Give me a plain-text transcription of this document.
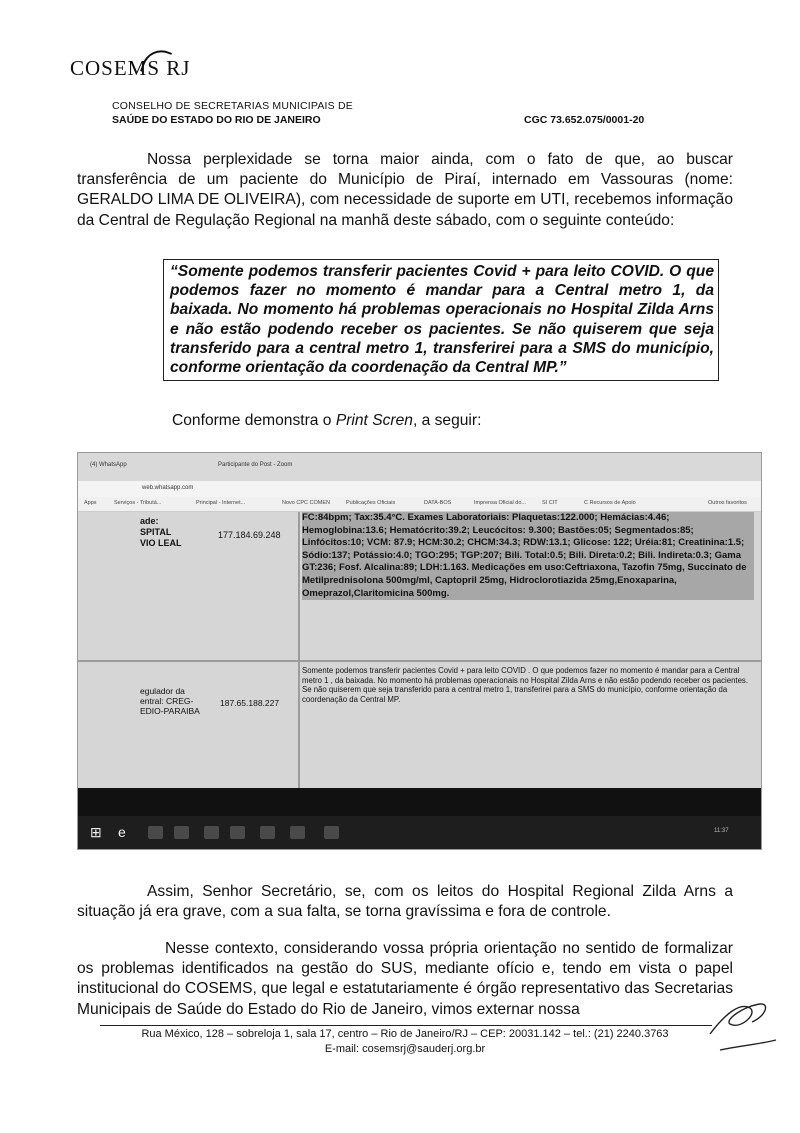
COSEMS RJ
CONSELHO DE SECRETARIAS MUNICIPAIS DE
SAÚDE DO ESTADO DO RIO DE JANEIRO	CGC 73.652.075/0001-20
Nossa perplexidade se torna maior ainda, com o fato de que, ao buscar transferência de um paciente do Município de Piraí, internado em Vassouras (nome: GERALDO LIMA DE OLIVEIRA), com necessidade de suporte em UTI, recebemos informação da Central de Regulação Regional na manhã deste sábado, com o seguinte conteúdo:
“Somente podemos transferir pacientes Covid + para leito COVID. O que podemos fazer no momento é mandar para a Central metro 1, da baixada. No momento há problemas operacionais no Hospital Zilda Arns e não estão podendo receber os pacientes. Se não quiserem que seja transferido para a central metro 1, transferirei para a SMS do município, conforme orientação da coordenação da Central MP.”
Conforme demonstra o Print Scren, a seguir:
(4) WhatsApp	Participante do Post - Zoom
web.whatsapp.com
Apps	Serviços - Tributá...	Principal - Internet...	Novo CPC COMEN	Publicações Oficiais	DATA-BOS	Imprensa Oficial do...	SI CIT	C Recursos de Apoio	Outros favoritos
ade:
SPITAL
VIO LEAL
177.184.69.248
FC:84bpm; Tax:35.4°C. Exames Laboratoriais: Plaquetas:122.000; Hemácias:4.46; Hemoglobina:13.6; Hematócrito:39.2; Leucócitos: 9.300; Bastões:05; Segmentados:85; Linfócitos:10; VCM: 87.9; HCM:30.2; CHCM:34.3; RDW:13.1; Glicose: 122; Uréia:81; Creatinina:1.5; Sódio:137; Potássio:4.0; TGO:295; TGP:207; Bili. Total:0.5; Bili. Direta:0.2; Bili. Indireta:0.3; Gama GT:236; Fosf. Alcalina:89; LDH:1.163. Medicações em uso:Ceftriaxona, Tazofin 75mg, Succinato de Metilprednisolona 500mg/ml, Captopril 25mg, Hidroclorotiazida 25mg,Enoxaparina, Omeprazol,Claritomicina 500mg.
egulador da
entral: CREG-
EDIO-PARAIBA
187.65.188.227
Somente podemos transferir pacientes Covid + para leito COVID . O que podemos fazer no momento é mandar para a Central metro 1 , da baixada. No momento há problemas operacionais no Hospital Zilda Arns e não estão podendo receber os pacientes. Se não quiserem que seja transferido para a central metro 1, transferirei para a SMS do município, conforme orientação da coordenação da Central MP.
⊞ e	11:37
Assim, Senhor Secretário, se, com os leitos do Hospital Regional Zilda Arns a situação já era grave, com a sua falta, se torna gravíssima e fora de controle.
Nesse contexto, considerando vossa própria orientação no sentido de formalizar os problemas identificados na gestão do SUS, mediante ofício e, tendo em vista o papel institucional do COSEMS, que legal e estatutariamente é órgão representativo das Secretarias Municipais de Saúde do Estado do Rio de Janeiro, vimos externar nossa
Rua México, 128 – sobreloja 1, sala 17, centro – Rio de Janeiro/RJ – CEP: 20031.142 – tel.: (21) 2240.3763
E-mail: cosemsrj@sauderj.org.br
